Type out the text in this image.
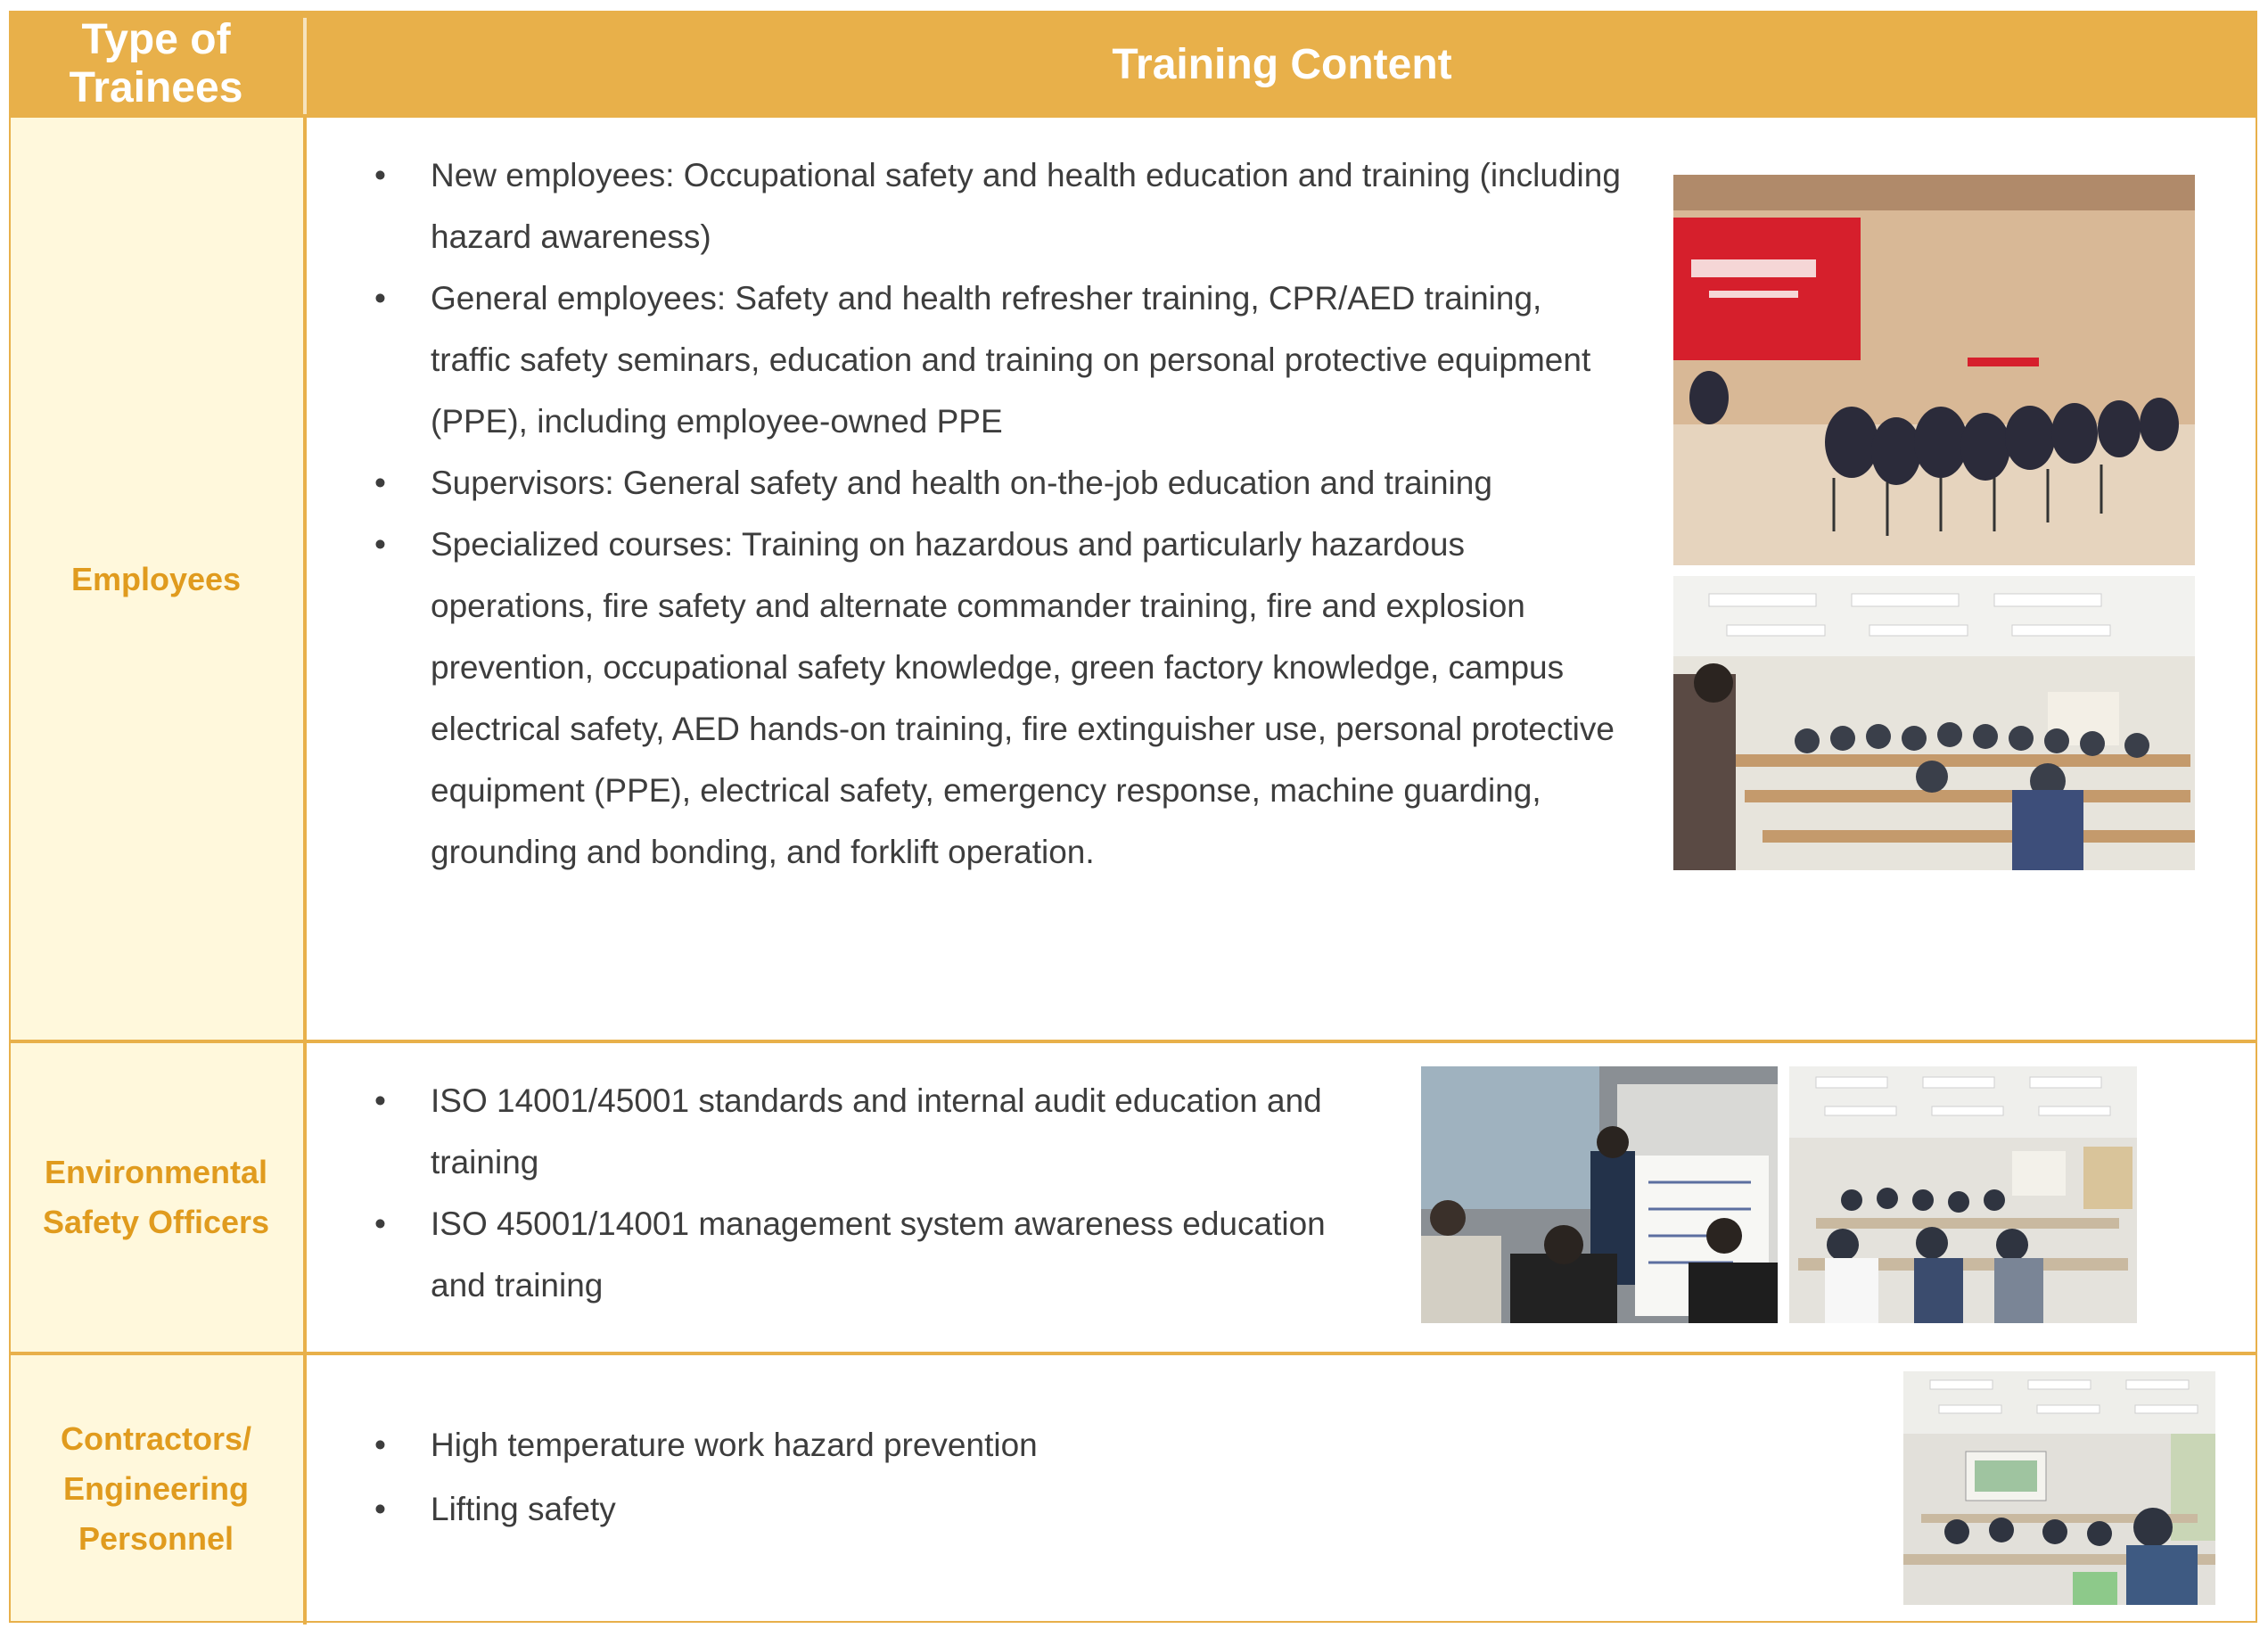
Type of Trainees	Training Content
Employees
• New employees: Occupational safety and health education and training (including hazard awareness)
• General employees: Safety and health refresher training, CPR/AED training, traffic safety seminars, education and training on personal protective equipment (PPE), including employee-owned PPE
• Supervisors: General safety and health on-the-job education and training
• Specialized courses: Training on hazardous and particularly hazardous operations, fire safety and alternate commander training, fire and explosion prevention, occupational safety knowledge, green factory knowledge, campus electrical safety, AED hands-on training, fire extinguisher use, personal protective equipment (PPE), electrical safety, emergency response, machine guarding, grounding and bonding, and forklift operation.
Environmental Safety Officers
• ISO 14001/45001 standards and internal audit education and training
• ISO 45001/14001 management system awareness education and training
Contractors/ Engineering Personnel
• High temperature work hazard prevention
• Lifting safety
